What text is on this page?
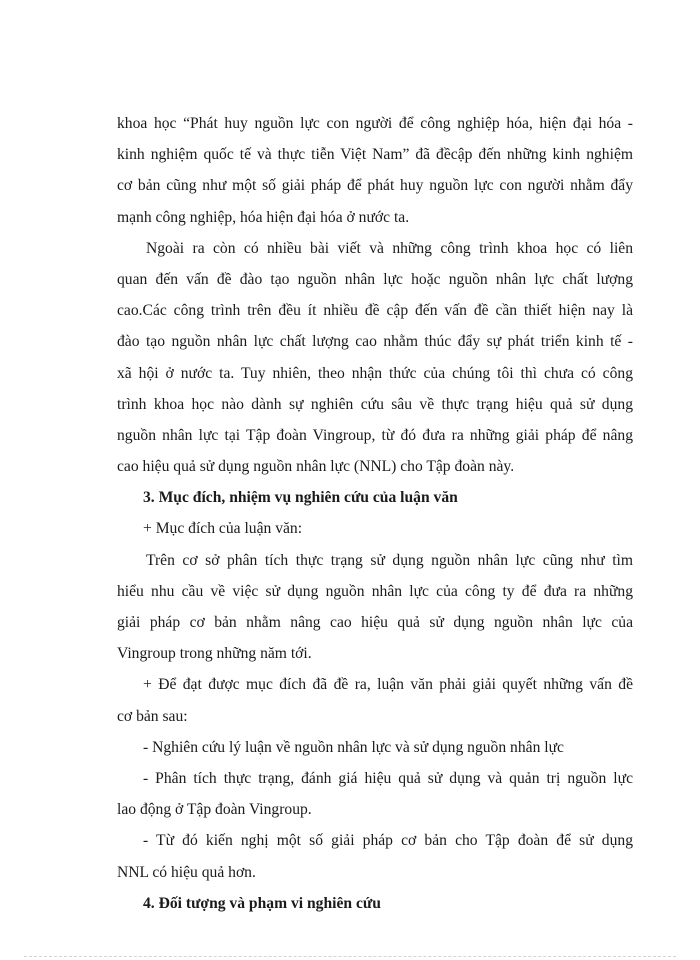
khoa học “Phát huy nguồn lực con người để công nghiệp hóa, hiện đại hóa -
kinh nghiệm quốc tế và thực tiễn Việt Nam” đã đềcập đến những kinh nghiệm
cơ bản cũng như một số giải pháp để phát huy nguồn lực con người nhằm đẩy
mạnh công nghiệp, hóa hiện đại hóa ở nước ta.
Ngoài ra còn có nhiều bài viết và những công trình khoa học có liên
quan đến vấn đề đào tạo nguồn nhân lực hoặc nguồn nhân lực chất lượng
cao.Các công trình trên đều ít nhiều đề cập đến vấn đề cần thiết hiện nay là
đào tạo nguồn nhân lực chất lượng cao nhằm thúc đẩy sự phát triển kinh tế -
xã hội ở nước ta. Tuy nhiên, theo nhận thức của chúng tôi thì chưa có công
trình khoa học nào dành sự nghiên cứu sâu về thực trạng hiệu quả sử dụng
nguồn nhân lực tại Tập đoàn Vingroup, từ đó đưa ra những giải pháp để nâng
cao hiệu quả sử dụng nguồn nhân lực (NNL) cho Tập đoàn này.
3. Mục đích, nhiệm vụ nghiên cứu của luận văn
+ Mục đích của luận văn:
Trên cơ sở phân tích thực trạng sử dụng nguồn nhân lực cũng như tìm
hiểu nhu cầu về việc sử dụng nguồn nhân lực của công ty để đưa ra những
giải pháp cơ bản nhằm nâng cao hiệu quả sử dụng nguồn nhân lực của
Vingroup trong những năm tới.
+ Để đạt được mục đích đã đề ra, luận văn phải giải quyết những vấn đề
cơ bản sau:
- Nghiên cứu lý luận về nguồn nhân lực và sử dụng nguồn nhân lực
- Phân tích thực trạng, đánh giá hiệu quả sử dụng và quản trị nguồn lực
lao động ở Tập đoàn Vingroup.
- Từ đó kiến nghị một số giải pháp cơ bản cho Tập đoàn để sử dụng
NNL có hiệu quả hơn.
4. Đối tượng và phạm vi nghiên cứu
